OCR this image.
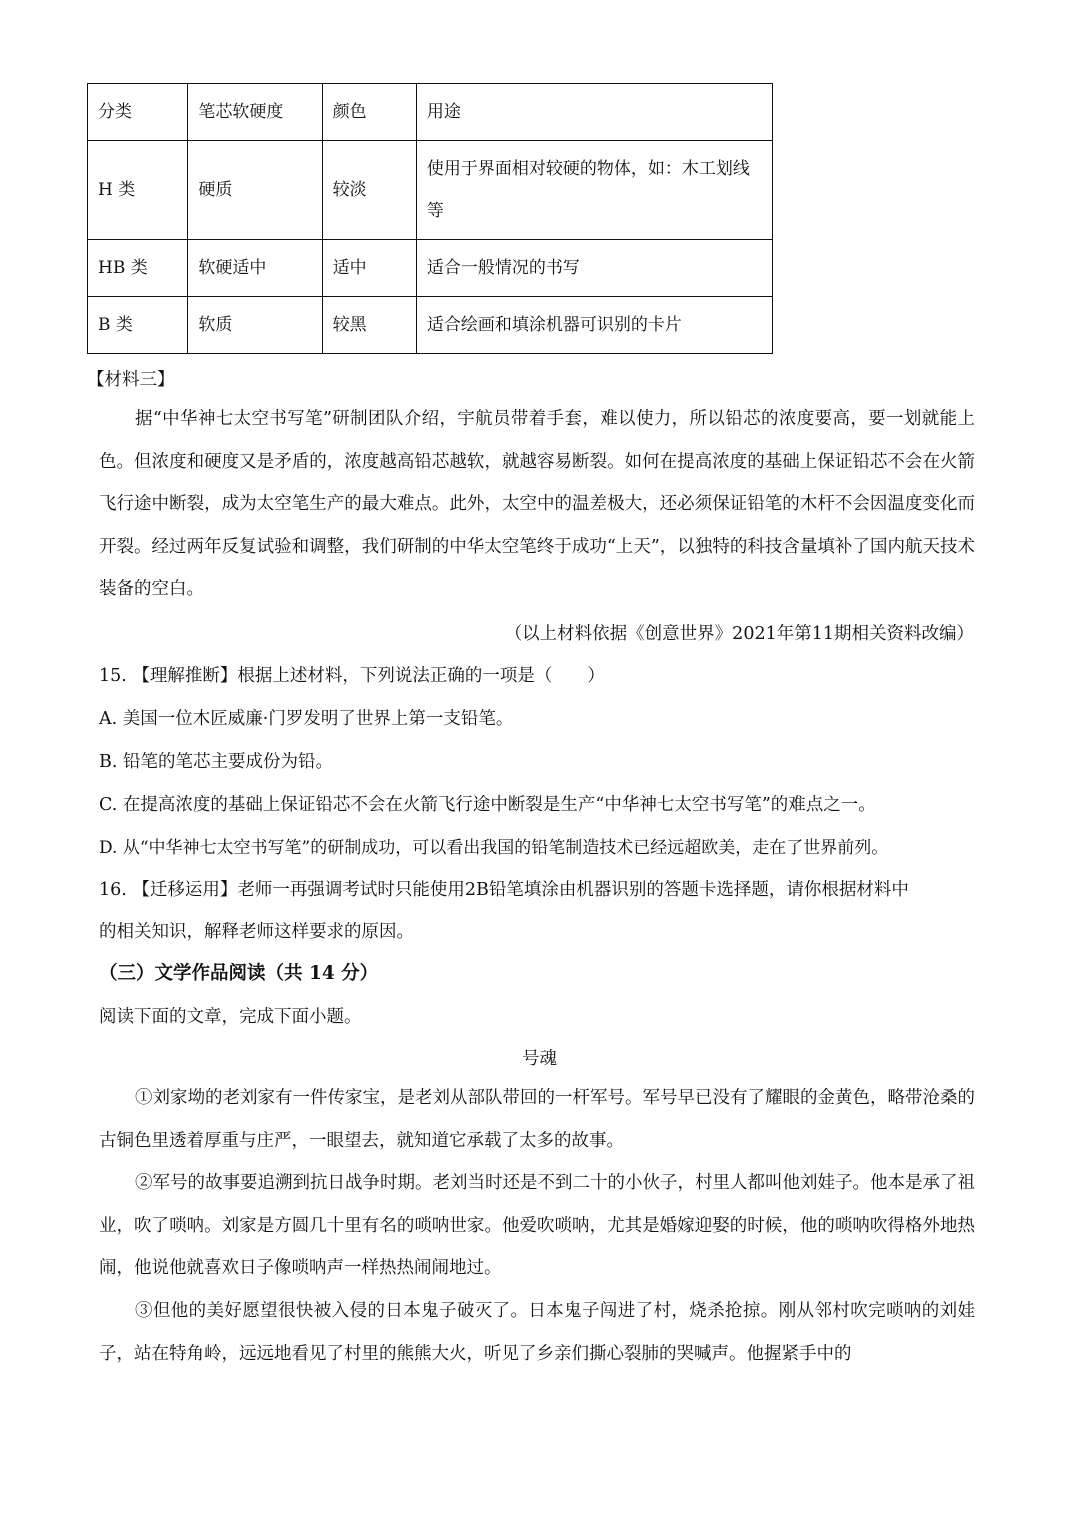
分类	笔芯软硬度	颜色	用途
H 类	硬质	较淡	使用于界面相对较硬的物体，如：木工划线等
HB 类	软硬适中	适中	适合一般情况的书写
B 类	软质	较黑	适合绘画和填涂机器可识别的卡片
【材料三】
据“中华神七太空书写笔”研制团队介绍，宇航员带着手套，难以使力，所以铅芯的浓度要高，要一划就能上色。但浓度和硬度又是矛盾的，浓度越高铅芯越软，就越容易断裂。如何在提高浓度的基础上保证铅芯不会在火箭飞行途中断裂，成为太空笔生产的最大难点。此外，太空中的温差极大，还必须保证铅笔的木杆不会因温度变化而开裂。经过两年反复试验和调整，我们研制的中华太空笔终于成功“上天”，以独特的科技含量填补了国内航天技术装备的空白。
（以上材料依据《创意世界》2021年第11期相关资料改编）
15. 【理解推断】根据上述材料，下列说法正确的一项是（　　）
A. 美国一位木匠威廉·门罗发明了世界上第一支铅笔。
B. 铅笔的笔芯主要成份为铅。
C. 在提高浓度的基础上保证铅芯不会在火箭飞行途中断裂是生产“中华神七太空书写笔”的难点之一。
D. 从“中华神七太空书写笔”的研制成功，可以看出我国的铅笔制造技术已经远超欧美，走在了世界前列。
16. 【迁移运用】老师一再强调考试时只能使用2B铅笔填涂由机器识别的答题卡选择题，请你根据材料中
的相关知识，解释老师这样要求的原因。
（三）文学作品阅读（共 14 分）
阅读下面的文章，完成下面小题。
号魂
①刘家坳的老刘家有一件传家宝，是老刘从部队带回的一杆军号。军号早已没有了耀眼的金黄色，略带沧桑的古铜色里透着厚重与庄严，一眼望去，就知道它承载了太多的故事。
②军号的故事要追溯到抗日战争时期。老刘当时还是不到二十的小伙子，村里人都叫他刘娃子。他本是承了祖业，吹了唢呐。刘家是方圆几十里有名的唢呐世家。他爱吹唢呐，尤其是婚嫁迎娶的时候，他的唢呐吹得格外地热闹，他说他就喜欢日子像唢呐声一样热热闹闹地过。
③但他的美好愿望很快被入侵的日本鬼子破灭了。日本鬼子闯进了村，烧杀抢掠。刚从邻村吹完唢呐的刘娃子，站在特角岭，远远地看见了村里的熊熊大火，听见了乡亲们撕心裂肺的哭喊声。他握紧手中的
